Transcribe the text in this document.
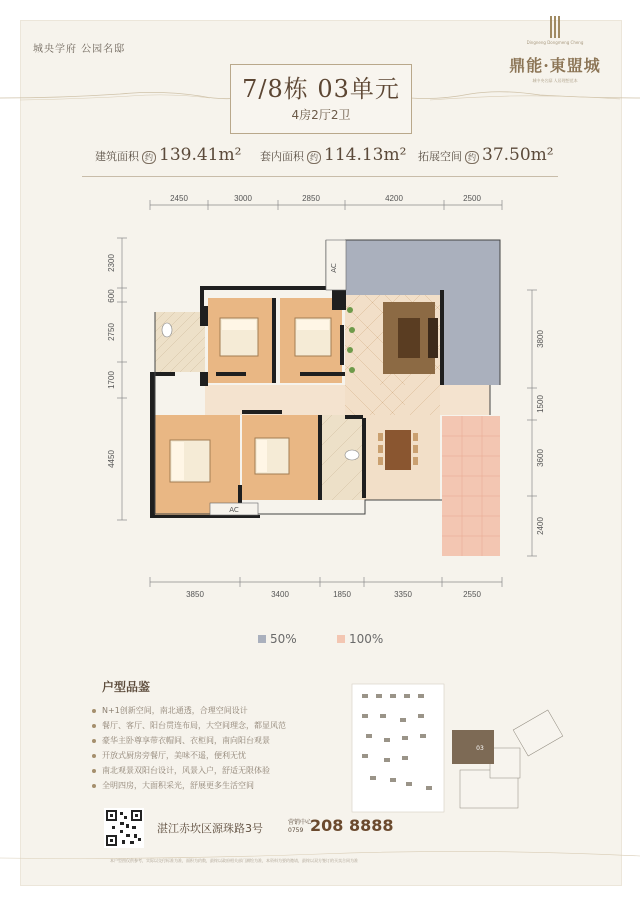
城央学府 公园名邸
Dingneng Dongmeng Cheng
鼎能·東盟城
城中央名邸 人居理想范本
7/8栋 03单元
4房2厅2卫
建筑面积 约 139.41m² 套内面积 约 114.13m² 拓展空间 约 37.50m²
AC
AC
2450	3000	2850	4200	2500
3850	3400	1850	3350	2550
2300
600
2750
1700
4450
3800
1500
3600
2400
50%	100%
户型品鉴
N+1创新空间，南北通透，合理空间设计
餐厅、客厅、阳台贯连布局，大空间理念，都显风范
豪华主卧尊享带衣帽间、衣柜间，南向阳台观景
开放式厨房旁餐厅，美味不遥，便利无忧
南北观景双阳台设计，风景入户，舒适无限体验
全明四房，大面积采光，舒展更多生活空间
03
湛江赤坎区源珠路3号	营销中心
0759 208 8888
本户型图仅供参考，实际以交付标准为准，面积为约数，最终以政府相关部门测绘为准，本资料为要约邀请，最终以双方签订的买卖合同为准
